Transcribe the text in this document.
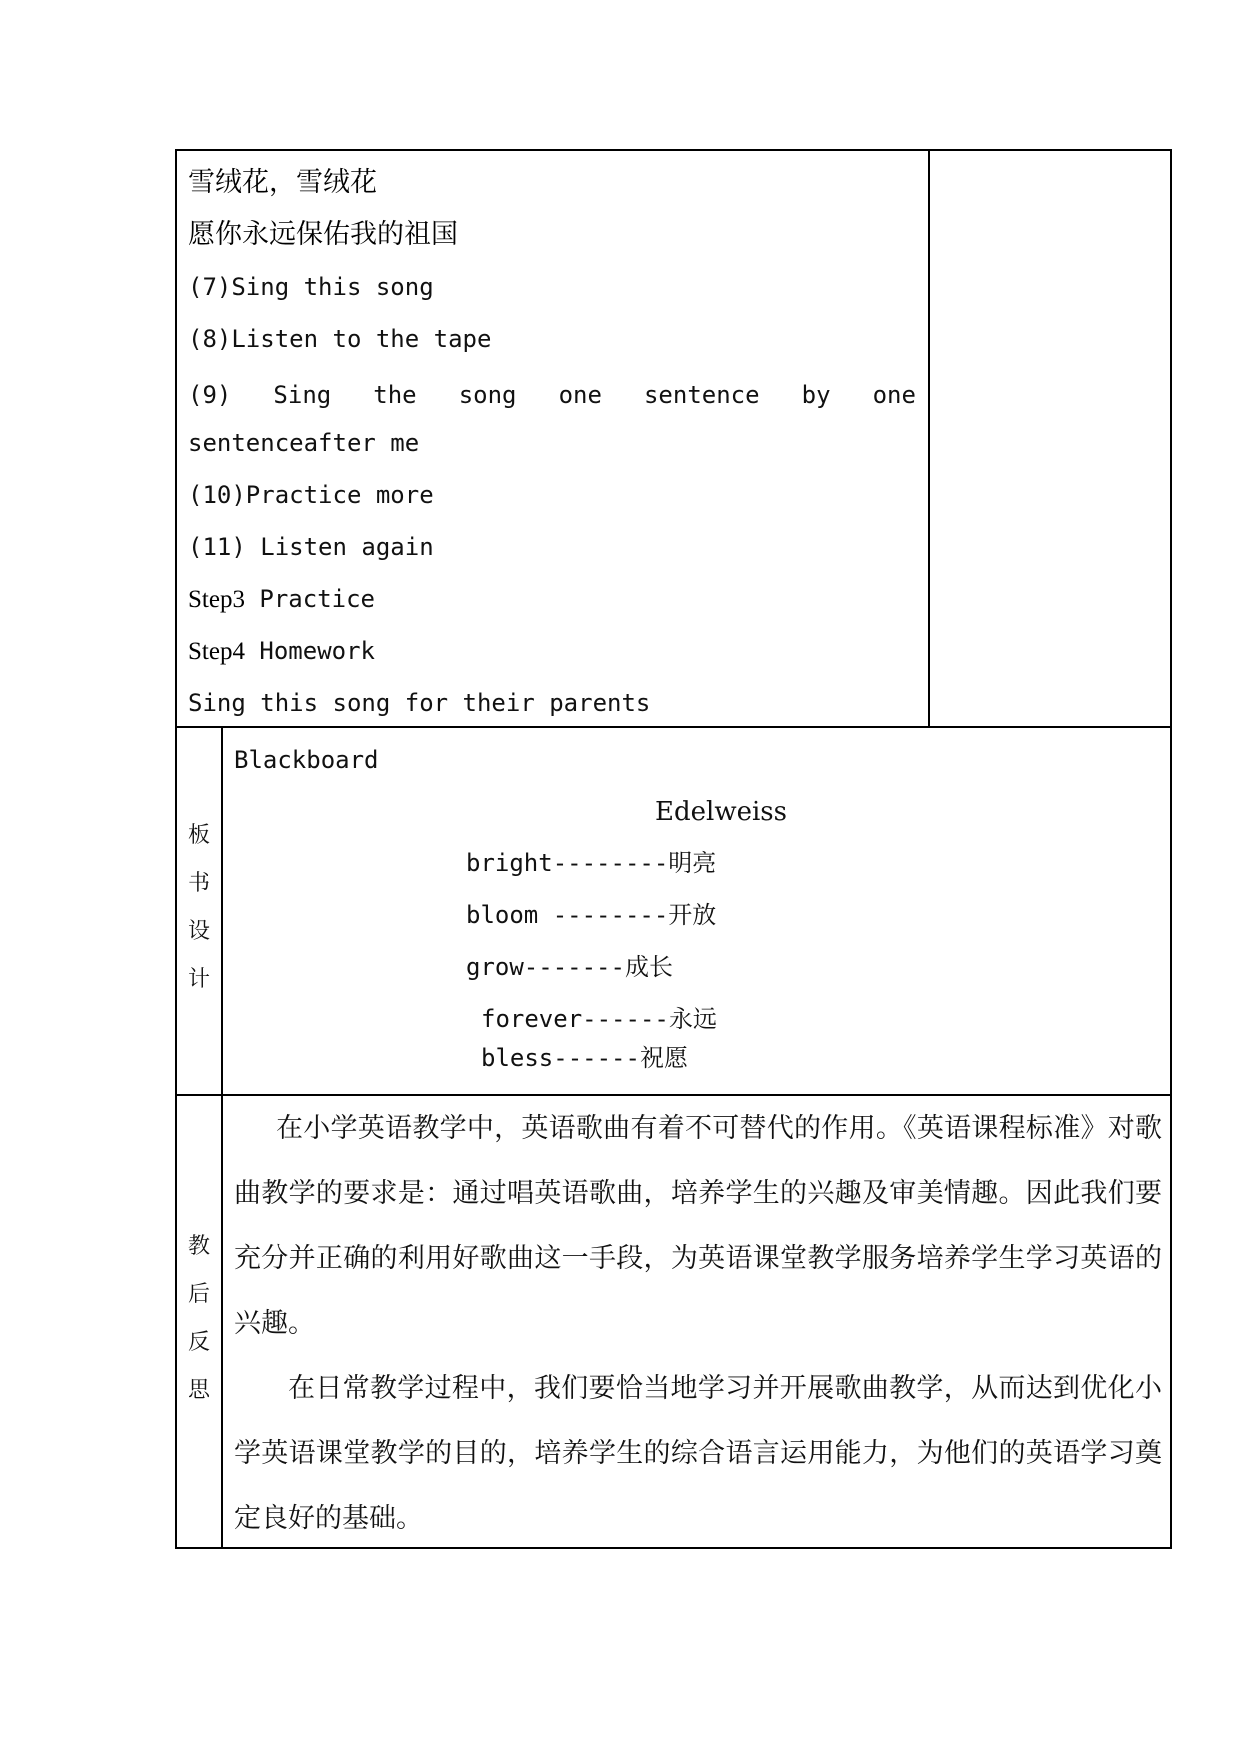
雪绒花，雪绒花
愿你永远保佑我的祖国
(7)Sing this song
(8)Listen to the tape
(9) Sing the song one sentence by one
sentenceafter me
(10)Practice more
(11) Listen again
Step3 Practice
Step4 Homework
Sing this song for their parents
板
书
设
计
Blackboard
Edelweiss
bright--------明亮
bloom --------开放
grow-------成长
forever------永远
bless------祝愿
教
后
反
思
在小学英语教学中，英语歌曲有着不可替代的作用。《英语课程标准》对歌曲教学的要求是：通过唱英语歌曲，培养学生的兴趣及审美情趣。因此我们要充分并正确的利用好歌曲这一手段，为英语课堂教学服务培养学生学习英语的兴趣。
在日常教学过程中，我们要恰当地学习并开展歌曲教学，从而达到优化小学英语课堂教学的目的，培养学生的综合语言运用能力，为他们的英语学习奠定良好的基础。
